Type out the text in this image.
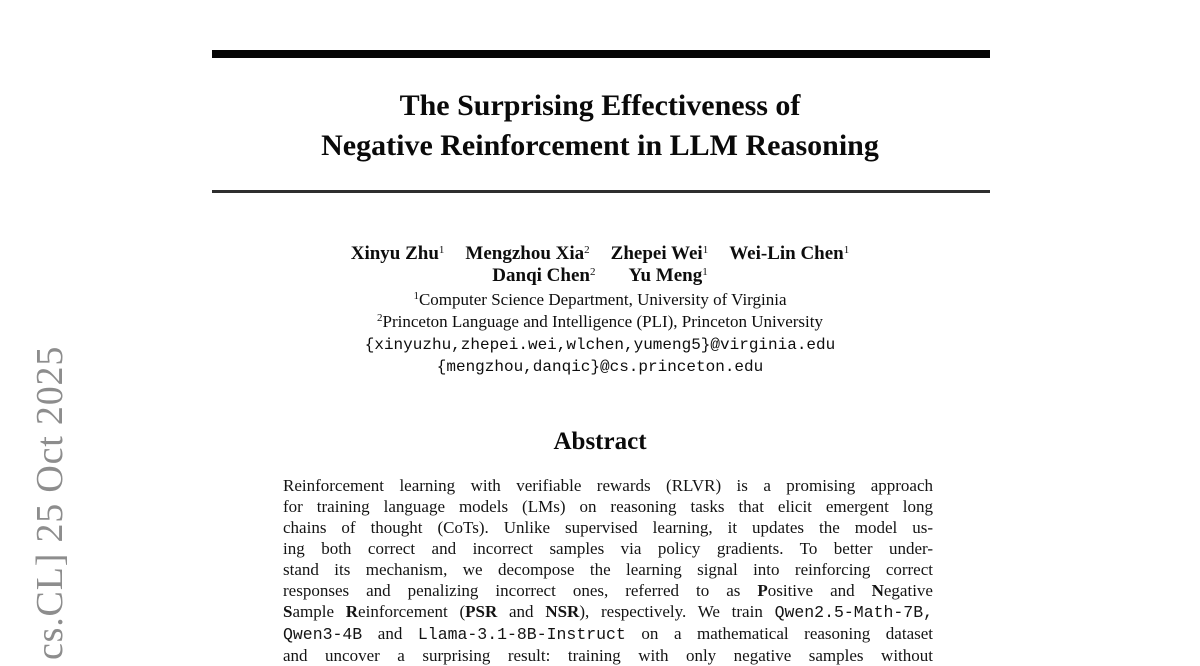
cs.CL] 25 Oct 2025
The Surprising Effectiveness of
Negative Reinforcement in LLM Reasoning
Xinyu Zhu$^1$ Mengzhou Xia$^2$ Zhepei Wei$^1$ Wei-Lin Chen$^1$
Danqi Chen$^2$ Yu Meng$^1$
$^1$Computer Science Department, University of Virginia
$^2$Princeton Language and Intelligence (PLI), Princeton University
{xinyuzhu,zhepei.wei,wlchen,yumeng5}@virginia.edu
{mengzhou,danqic}@cs.princeton.edu
Abstract
Reinforcement learning with verifiable rewards (RLVR) is a promising approach
for training language models (LMs) on reasoning tasks that elicit emergent long
chains of thought (CoTs). Unlike supervised learning, it updates the model us-
ing both correct and incorrect samples via policy gradients. To better under-
stand its mechanism, we decompose the learning signal into reinforcing correct
responses and penalizing incorrect ones, referred to as Positive and Negative
Sample Reinforcement (PSR and NSR), respectively. We train Qwen2.5-Math-7B,
Qwen3-4B and Llama-3.1-8B-Instruct on a mathematical reasoning dataset
and uncover a surprising result: training with only negative samples without
